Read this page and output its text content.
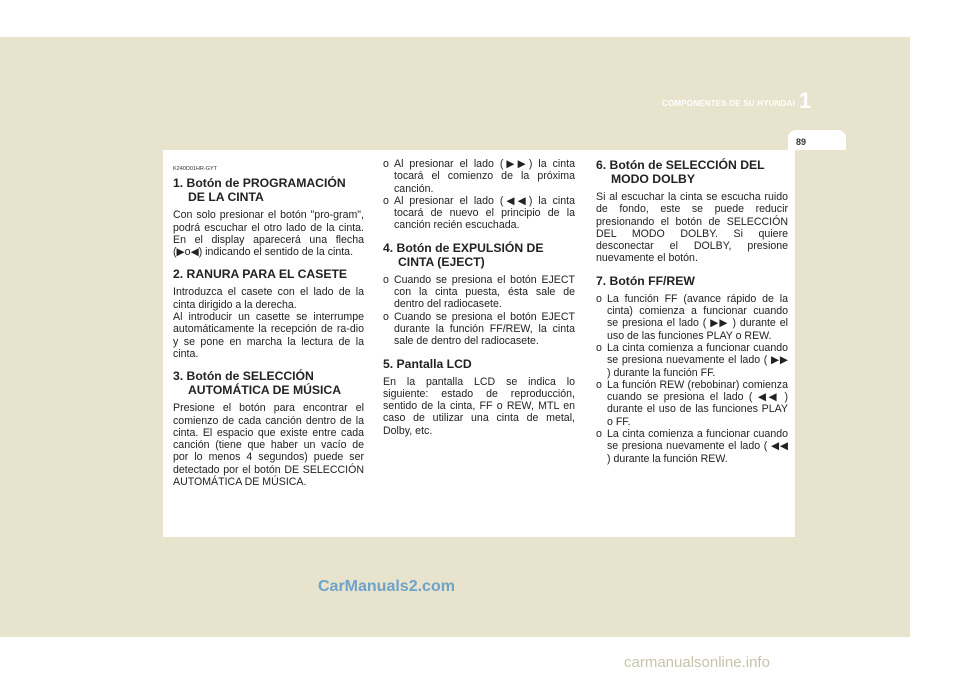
COMPONENTES DE SU HYUNDAI 1
89
K240D01HR-GYT
1. Botón de PROGRAMACIÓN DE LA CINTA
Con solo presionar el botón "pro-gram", podrá escuchar el otro lado de la cinta. En el display aparecerá una flecha (▶o◀) indicando el sentido de la cinta.
2. RANURA PARA EL CASETE
Introduzca el casete con el lado de la cinta dirigido a la derecha.
Al introducir un casette se interrumpe automáticamente la recepción de ra-dio y se pone en marcha la lectura de la cinta.
3. Botón de SELECCIÓN AUTOMÁTICA DE MÚSICA
Presione el botón para encontrar el comienzo de cada canción dentro de la cinta. El espacio que existe entre cada canción (tiene que haber un vacío de por lo menos 4 segundos) puede ser detectado por el botón DE SELECCIÓN AUTOMÁTICA DE MÚSICA.
o Al presionar el lado (▶▶) la cinta tocará el comienzo de la próxima canción.
o Al presionar el lado (◀◀) la cinta tocará de nuevo el principio de la canción recién escuchada.
4. Botón de EXPULSIÓN DE CINTA (EJECT)
o Cuando se presiona el botón EJECT con la cinta puesta, ésta sale de dentro del radiocasete.
o Cuando se presiona el botón EJECT durante la función FF/REW, la cinta sale de dentro del radiocasete.
5. Pantalla LCD
En la pantalla LCD se indica lo siguiente: estado de reproducción, sentido de la cinta, FF o REW, MTL en caso de utilizar una cinta de metal, Dolby, etc.
6. Botón de SELECCIÓN DEL MODO DOLBY
Si al escuchar la cinta se escucha ruido de fondo, este se puede reducir presionando el botón de SELECCIÓN DEL MODO DOLBY. Si quiere desconectar el DOLBY, presione nuevamente el botón.
7. Botón FF/REW
o La función FF (avance rápido de la cinta) comienza a funcionar cuando se presiona el lado ( ▶▶ ) durante el uso de las funciones PLAY o REW.
o La cinta comienza a funcionar cuando se presiona nuevamente el lado ( ▶▶ ) durante la función FF.
o La función REW (rebobinar) comienza cuando se presiona el lado ( ◀◀ ) durante el uso de las funciones PLAY o FF.
o La cinta comienza a funcionar cuando se presiona nuevamente el lado ( ◀◀ ) durante la función REW.
CarManuals2.com
carmanualsonline.info
